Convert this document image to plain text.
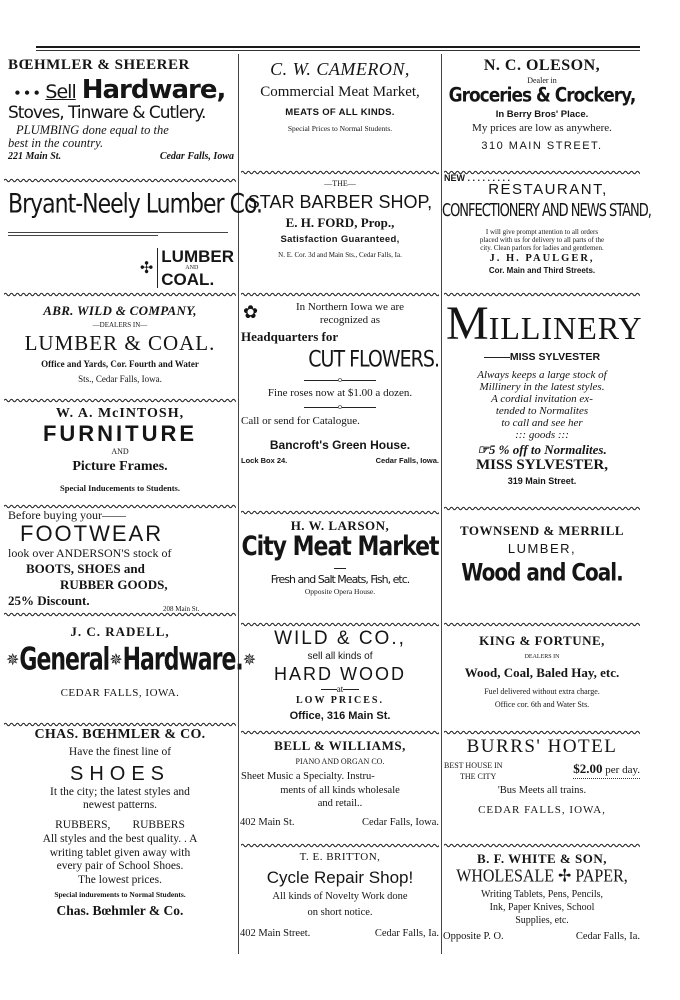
BŒHMLER & SHEERER
• • • Sell Hardware,
Stoves, Tinware & Cutlery.
PLUMBING done equal to the
best in the country.
221 Main St.	Cedar Falls, Iowa
Bryant-Neely Lumber Co.
✣
LUMBER
AND
COAL.
ABR. WILD & COMPANY,
—DEALERS IN—
LUMBER & COAL.
Office and Yards, Cor. Fourth and Water
Sts., Cedar Falls, Iowa.
W. A. McINTOSH,
FURNITURE
AND
Picture Frames.
Special Inducements to Students.
Before buying your——
FOOTWEAR
look over ANDERSON'S stock of
BOOTS, SHOES and
RUBBER GOODS,
25% Discount.
208 Main St.
J. C. RADELL,
✵ General ✵ Hardware. ✵
CEDAR FALLS, IOWA.
CHAS. BŒHMLER & CO.
Have the finest line of
SHOES
It the city; the latest styles and
newest patterns.
RUBBERS, RUBBERS
All styles and the best quality. . A
writing tablet given away with
every pair of School Shoes.
The lowest prices.
Special indurements to Normal Students.
Chas. Bœhmler & Co.
C. W. CAMERON,
Commercial Meat Market,
MEATS OF ALL KINDS.
Special Prices to Normal Students.
—THE—
STAR BARBER SHOP,
E. H. FORD, Prop.,
Satisfaction Guaranteed,
N. E. Cor. 3d and Main Sts., Cedar Falls, Ia.
✿	In Northern Iowa we are
recognized as
Headquarters for
CUT FLOWERS.
o
Fine roses now at $1.00 a dozen.
o
Call or send for Catalogue.
Bancroft's Green House.
Lock Box 24.	Cedar Falls, Iowa.
H. W. LARSON,
City Meat Market
Fresh and Salt Meats, Fish, etc.
Opposite Opera House.
WILD & CO.,
sell all kinds of
HARD WOOD
at
LOW PRICES.
Office, 316 Main St.
BELL & WILLIAMS,
PIANO AND ORGAN CO.
Sheet Music a Specialty. Instru-
ments of all kinds wholesale
and retail..
402 Main St.	Cedar Falls, Iowa.
T. E. BRITTON,
Cycle Repair Shop!
All kinds of Novelty Work done
on short notice.
402 Main Street.	Cedar Falls, Ia.
N. C. OLESON,
Dealer in
Groceries & Crockery,
In Berry Bros' Place.
My prices are low as anywhere.
310 MAIN STREET.
NEW . . . . . . . . .
RESTAURANT,
CONFECTIONERY AND NEWS STAND,
I will give prompt attention to all orders
placed with us for delivery to all parts of the
city. Clean parlors for ladies and gentlemen.
J. H. PAULGER,
Cor. Main and Third Streets.
MILLINERY
MISS SYLVESTER
Always keeps a large stock of
Millinery in the latest styles.
A cordial invitation ex-
tended to Normalites
to call and see her
::: goods :::
☞5 % off to Normalites.
MISS SYLVESTER,
319 Main Street.
TOWNSEND & MERRILL
LUMBER,
Wood and Coal.
KING & FORTUNE,
DEALERS IN
Wood, Coal, Baled Hay, etc.
Fuel delivered without extra charge.
Office cor. 6th and Water Sts.
BURRS' HOTEL
BEST HOUSE IN
THE CITY
$2.00 per day.
'Bus Meets all trains.
CEDAR FALLS, IOWA,
B. F. WHITE & SON,
WHOLESALE ✢ PAPER,
Writing Tablets, Pens, Pencils,
Ink, Paper Knives, School
Supplies, etc.
Opposite P. O.	Cedar Falls, Ia.
